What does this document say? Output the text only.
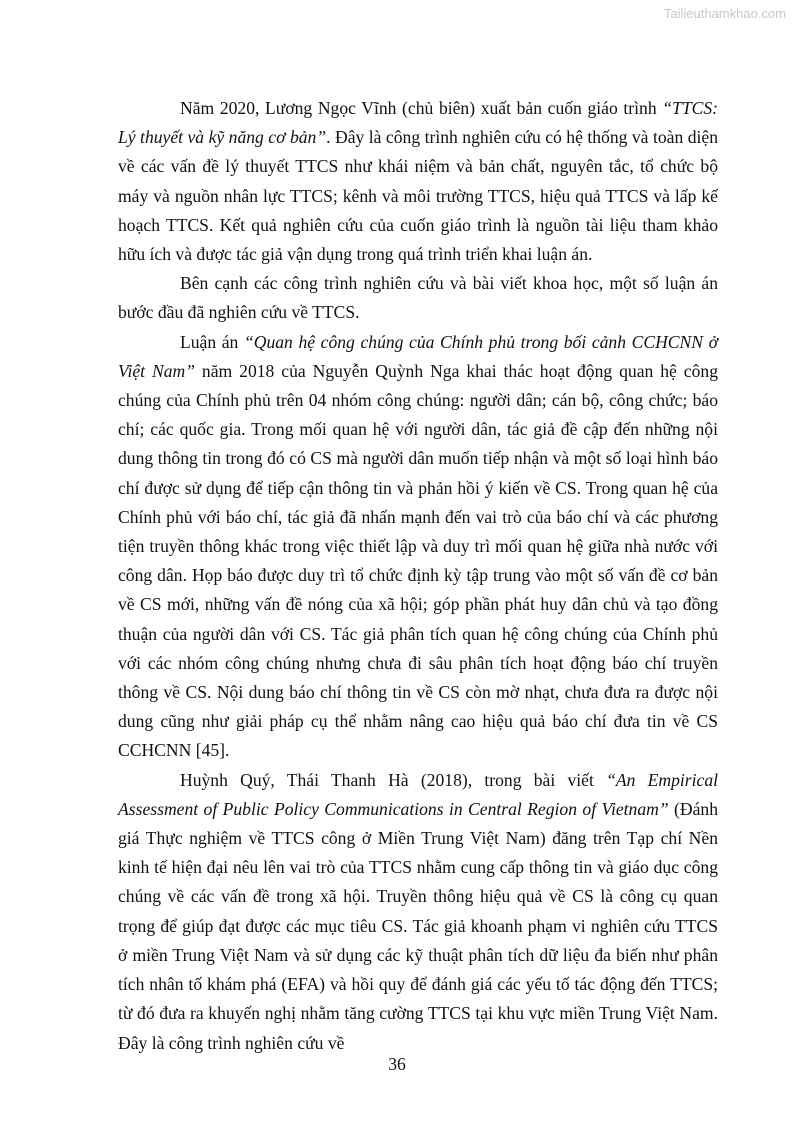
Tailieuthamkhao.com

Năm 2020, Lương Ngọc Vĩnh (chủ biên) xuất bản cuốn giáo trình “TTCS: Lý thuyết và kỹ năng cơ bản”. Đây là công trình nghiên cứu có hệ thống và toàn diện về các vấn đề lý thuyết TTCS như khái niệm và bản chất, nguyên tắc, tổ chức bộ máy và nguồn nhân lực TTCS; kênh và môi trường TTCS, hiệu quả TTCS và lấp kế hoạch TTCS. Kết quả nghiên cứu của cuốn giáo trình là nguồn tài liệu tham khảo hữu ích và được tác giả vận dụng trong quá trình triển khai luận án.

Bên cạnh các công trình nghiên cứu và bài viết khoa học, một số luận án bước đầu đã nghiên cứu về TTCS.

Luận án “Quan hệ công chúng của Chính phủ trong bối cảnh CCHCNN ở Việt Nam” năm 2018 của Nguyễn Quỳnh Nga khai thác hoạt động quan hệ công chúng của Chính phủ trên 04 nhóm công chúng: người dân; cán bộ, công chức; báo chí; các quốc gia. Trong mối quan hệ với người dân, tác giả đề cập đến những nội dung thông tin trong đó có CS mà người dân muốn tiếp nhận và một số loại hình báo chí được sử dụng để tiếp cận thông tin và phản hồi ý kiến về CS. Trong quan hệ của Chính phủ với báo chí, tác giả đã nhấn mạnh đến vai trò của báo chí và các phương tiện truyền thông khác trong việc thiết lập và duy trì mối quan hệ giữa nhà nước với công dân. Họp báo được duy trì tổ chức định kỳ tập trung vào một số vấn đề cơ bản về CS mới, những vấn đề nóng của xã hội; góp phần phát huy dân chủ và tạo đồng thuận của người dân với CS. Tác giả phân tích quan hệ công chúng của Chính phủ với các nhóm công chúng nhưng chưa đi sâu phân tích hoạt động báo chí truyền thông về CS. Nội dung báo chí thông tin về CS còn mờ nhạt, chưa đưa ra được nội dung cũng như giải pháp cụ thể nhằm nâng cao hiệu quả báo chí đưa tin về CS CCHCNN [45].

Huỳnh Quý, Thái Thanh Hà (2018), trong bài viết “An Empirical Assessment of Public Policy Communications in Central Region of Vietnam” (Đánh giá Thực nghiệm về TTCS công ở Miền Trung Việt Nam) đăng trên Tạp chí Nền kinh tế hiện đại nêu lên vai trò của TTCS nhằm cung cấp thông tin và giáo dục công chúng về các vấn đề trong xã hội. Truyền thông hiệu quả về CS là công cụ quan trọng để giúp đạt được các mục tiêu CS. Tác giả khoanh phạm vi nghiên cứu TTCS ở miền Trung Việt Nam và sử dụng các kỹ thuật phân tích dữ liệu đa biến như phân tích nhân tố khám phá (EFA) và hồi quy để đánh giá các yếu tố tác động đến TTCS; từ đó đưa ra khuyến nghị nhằm tăng cường TTCS tại khu vực miền Trung Việt Nam. Đây là công trình nghiên cứu về

36
